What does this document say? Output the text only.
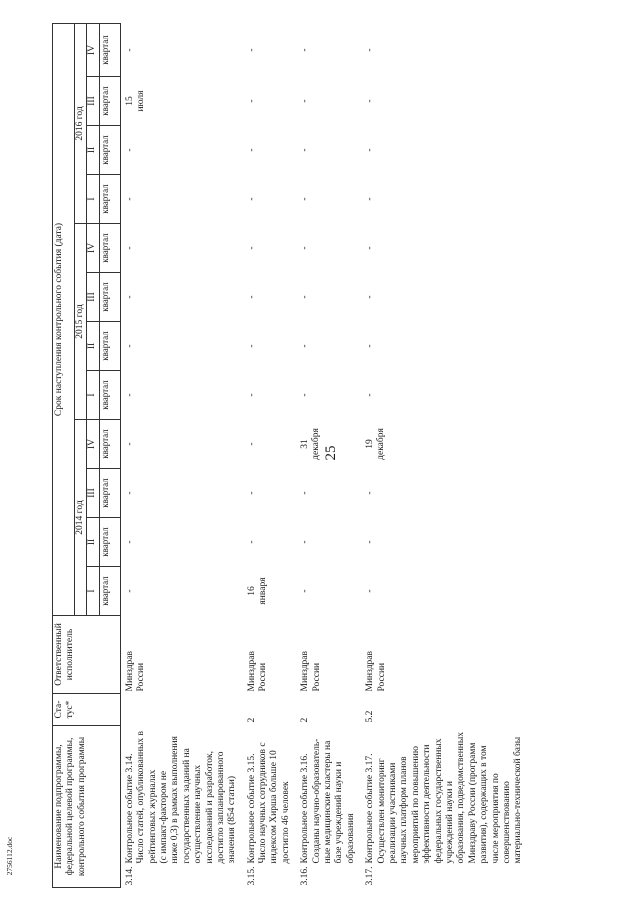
25
2756112.doc	Наименование подпрограммы, федеральной целевой программы, контрольного события программы		Ста-
тус*	Ответственный исполнитель	Срок наступления контрольного события (дата)											
				2014 год				2015 год				2016 год			
				I	II	III	IV	I	II	III	IV	I	II	III	IV
				квартал	квартал	квартал	квартал	квартал	квартал	квартал	квартал	квартал	квартал	квартал	квартал
3.14.	Контрольное событие 3.14.
Число статей, опубликованных в рейтинговых журналах
(с импакт-фактором не
ниже 0,3) в рамках выполнения государственных заданий на осуществление научных исследований и разработок, достигло запланированного значения (854 статьи)		Минздрав
России	-	-	-	-	-	-	-	-	-	-	15
июля	-
3.15.	Контрольное событие 3.15.
Число научных сотрудников с индексом Хирша больше 10 достигло 46 человек	2	Минздрав
России	16
января	-	-	-	-	-	-	-	-	-	-	-
3.16.	Контрольное событие 3.16.
Созданы научно-образователь-ные медицинские кластеры на базе учреждений науки и образования	2	Минздрав
России	-	-	-	31
декабря	-	-	-	-	-	-	-	-
3.17.	Контрольное событие 3.17.
Осуществлен мониторинг реализации участниками научных платформ планов мероприятий по повышению эффективности деятельности федеральных государственных учреждений науки и образования, подведомственных Минздраву России (программ развития), содержащих в том числе мероприятия по совершенствованию материально-технической базы	5.2	Минздрав
России	-	-	-	19
декабря	-	-	-	-	-	-	-	-
